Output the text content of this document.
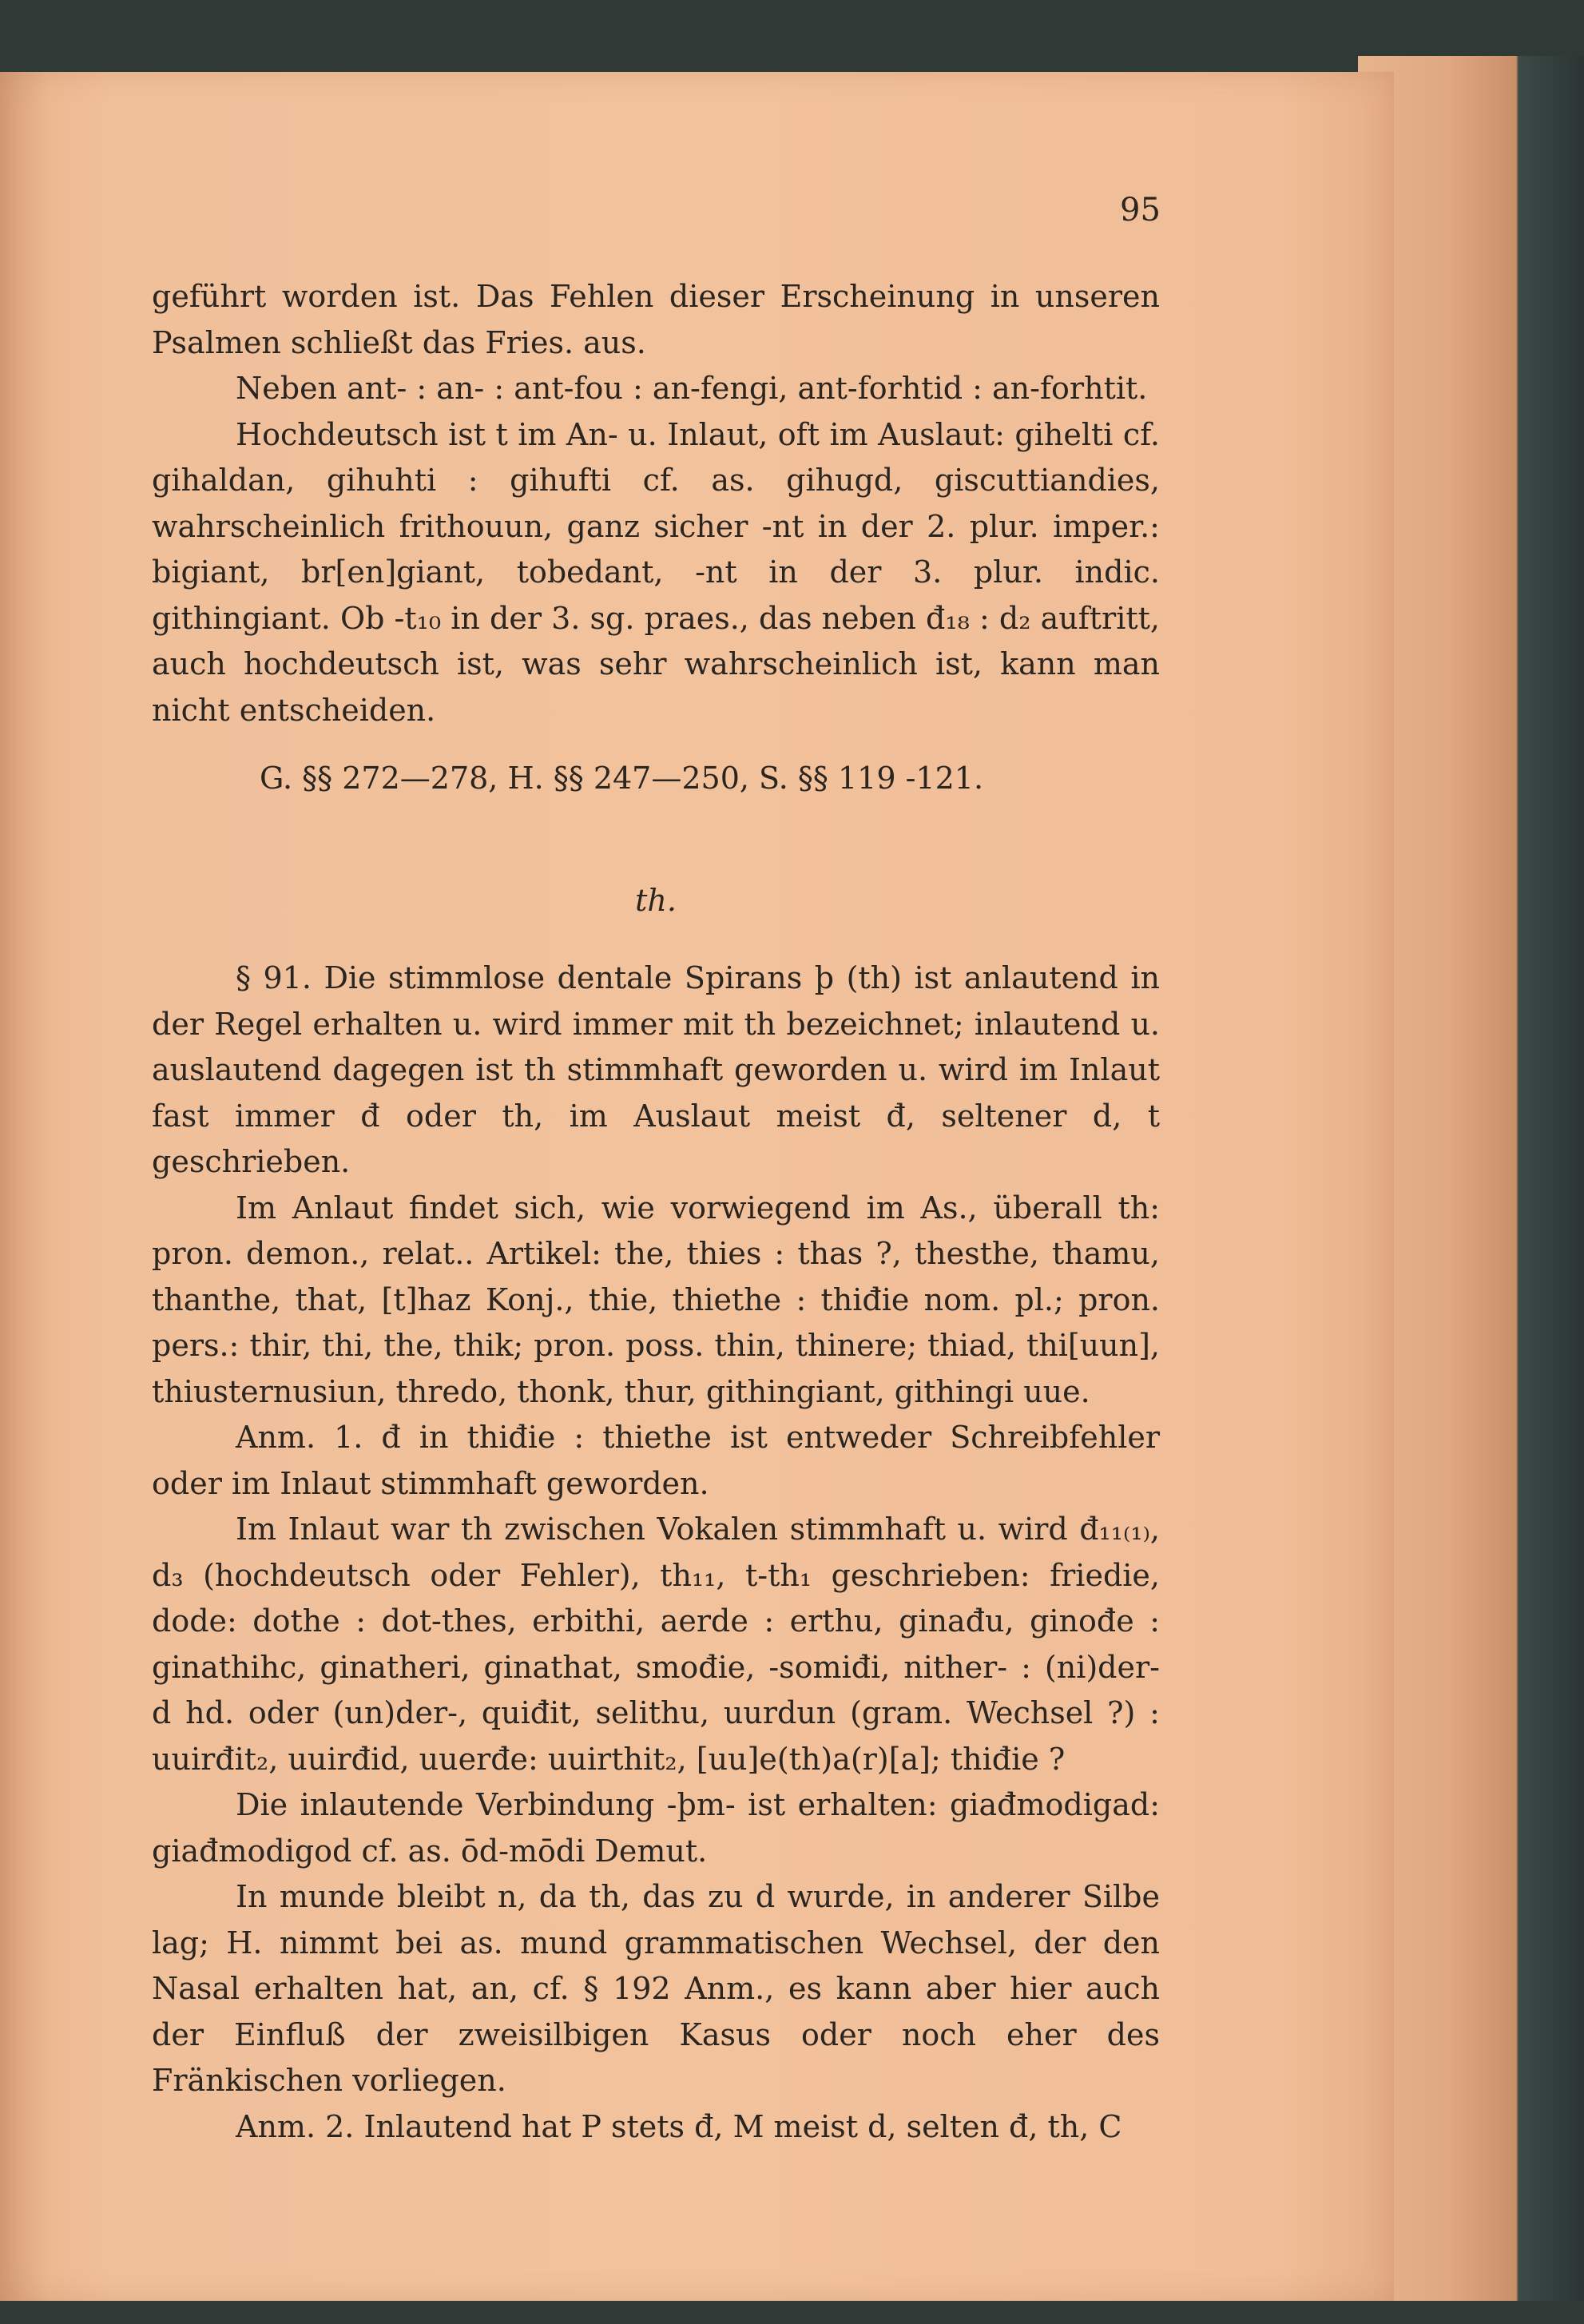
95

geführt worden ist. Das Fehlen dieser Erscheinung in unseren Psalmen schließt das Fries. aus.

Neben ant- : an- : ant-fou : an-fengi, ant-forhtid : an-forhtit.

Hochdeutsch ist t im An- u. Inlaut, oft im Auslaut: gihelti cf. gihaldan, gihuhti : gihufti cf. as. gihugd, giscuttiandies, wahrscheinlich frithouun, ganz sicher -nt in der 2. plur. imper.: bigiant, br[en]giant, tobedant, -nt in der 3. plur. indic. githingiant. Ob -t₁₀ in der 3. sg. praes., das neben đ₁₈ : d₂ auftritt, auch hochdeutsch ist, was sehr wahrscheinlich ist, kann man nicht entscheiden.

G. §§ 272—278, H. §§ 247—250, S. §§ 119 -121.

th.

§ 91. Die stimmlose dentale Spirans þ (th) ist anlautend in der Regel erhalten u. wird immer mit th bezeichnet; inlautend u. auslautend dagegen ist th stimmhaft geworden u. wird im Inlaut fast immer đ oder th, im Auslaut meist đ, seltener d, t geschrieben.

Im Anlaut findet sich, wie vorwiegend im As., überall th: pron. demon., relat.. Artikel: the, thies : thas ?, thesthe, thamu, thanthe, that, [t]haz Konj., thie, thiethe : thiđie nom. pl.; pron. pers.: thir, thi, the, thik; pron. poss. thin, thinere; thiad, thi[uun], thiusternusiun, thredo, thonk, thur, githingiant, githingi uue.

Anm. 1. đ in thiđie : thiethe ist entweder Schreibfehler oder im Inlaut stimmhaft geworden.

Im Inlaut war th zwischen Vokalen stimmhaft u. wird đ₁₁₍₁₎, d₃ (hochdeutsch oder Fehler), th₁₁, t-th₁ geschrieben: friedie, dode: dothe : dot-thes, erbithi, aerde : erthu, ginađu, ginođe : ginathihc, ginatheri, ginathat, smođie, -somiđi, nither- : (ni)der- d hd. oder (un)der-, quiđit, selithu, uurdun (gram. Wechsel ?) : uuirđit₂, uuirđid, uuerđe: uuirthit₂, [uu]e(th)a(r)[a]; thiđie ?

Die inlautende Verbindung -þm- ist erhalten: giađmodigad: giađmodigod cf. as. ōd-mōdi Demut.

In munde bleibt n, da th, das zu d wurde, in anderer Silbe lag; H. nimmt bei as. mund grammatischen Wechsel, der den Nasal erhalten hat, an, cf. § 192 Anm., es kann aber hier auch der Einfluß der zweisilbigen Kasus oder noch eher des Fränkischen vorliegen.

Anm. 2. Inlautend hat P stets đ, M meist d, selten đ, th, C
